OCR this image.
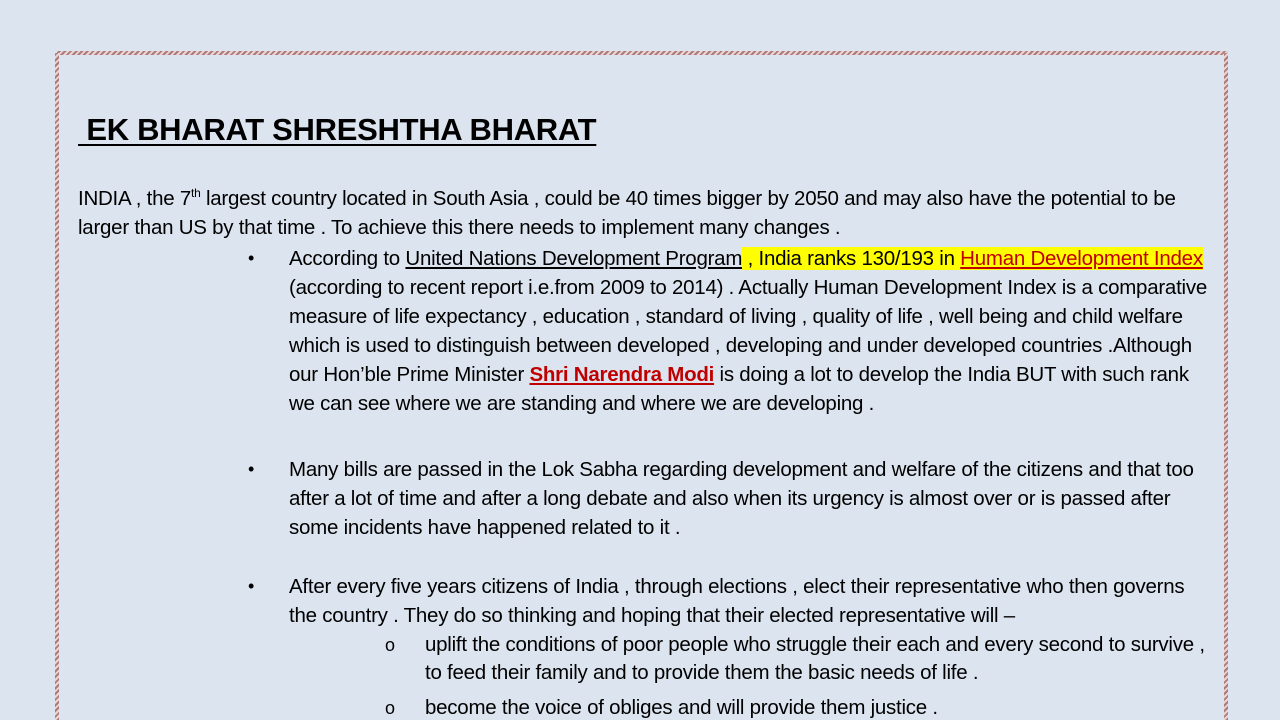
EK BHARAT SHRESHTHA BHARAT

INDIA , the 7th largest country located in South Asia , could be 40 times bigger by 2050 and may also have the potential to be larger than US by that time . To achieve this there needs to implement many changes .

•	According to United Nations Development Program , India ranks 130/193 in Human Development Index (according to recent report i.e.from 2009 to 2014) . Actually Human Development Index is a comparative measure of life expectancy , education , standard of living , quality of life , well being and child welfare which is used to distinguish between developed , developing and under developed countries .Although our Hon’ble Prime Minister Shri Narendra Modi is doing a lot to develop the India BUT with such rank we can see where we are standing and where we are developing .
•	Many bills are passed in the Lok Sabha regarding development and welfare of the citizens and that too after a lot of time and after a long debate and also when its urgency is almost over or is passed after some incidents have happened related to it .
•	After every five years citizens of India , through elections , elect their representative who then governs the country . They do so thinking and hoping that their elected representative will –
o uplift the conditions of poor people who struggle their each and every second to survive , to feed their family and to provide them the basic needs of life .
o become the voice of obliges and will provide them justice .
